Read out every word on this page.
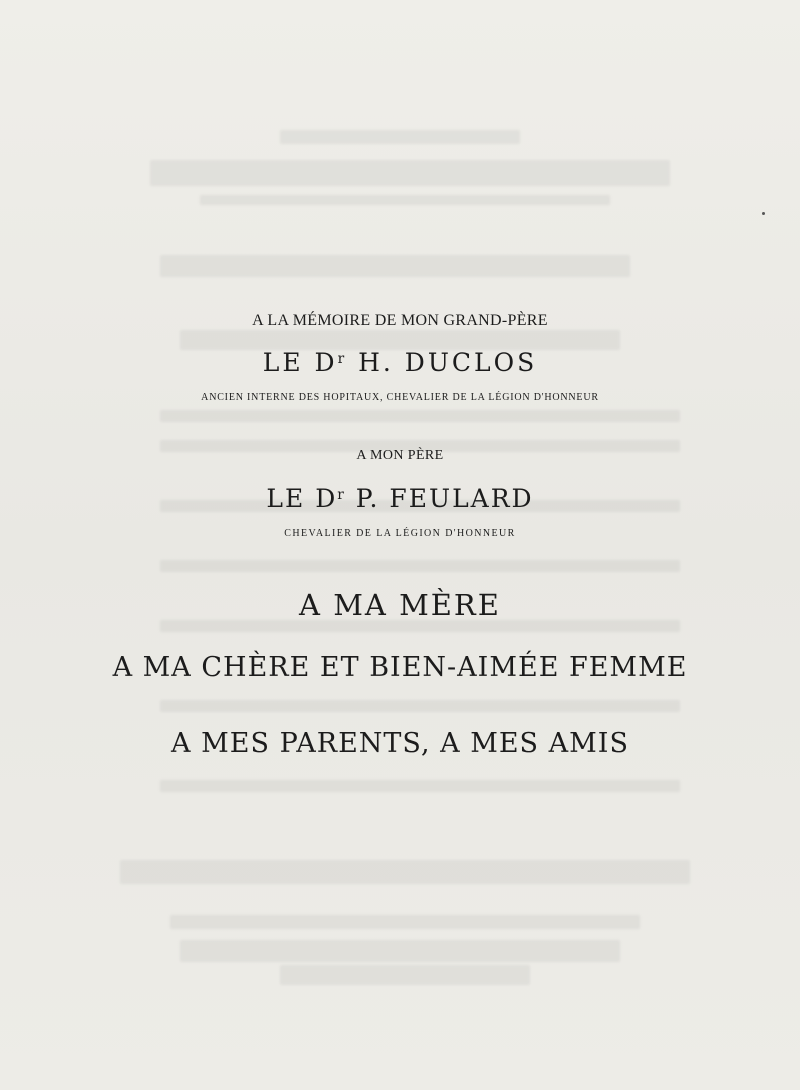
A LA MÉMOIRE DE MON GRAND-PÈRE
LE $D^r$ H. DUCLOS
ANCIEN INTERNE DES HOPITAUX, CHEVALIER DE LA LÉGION D'HONNEUR
A MON PÈRE
LE $D^r$ P. FEULARD
CHEVALIER DE LA LÉGION D'HONNEUR
A MA MÈRE
A MA CHÈRE ET BIEN-AIMÉE FEMME
A MES PARENTS, A MES AMIS
